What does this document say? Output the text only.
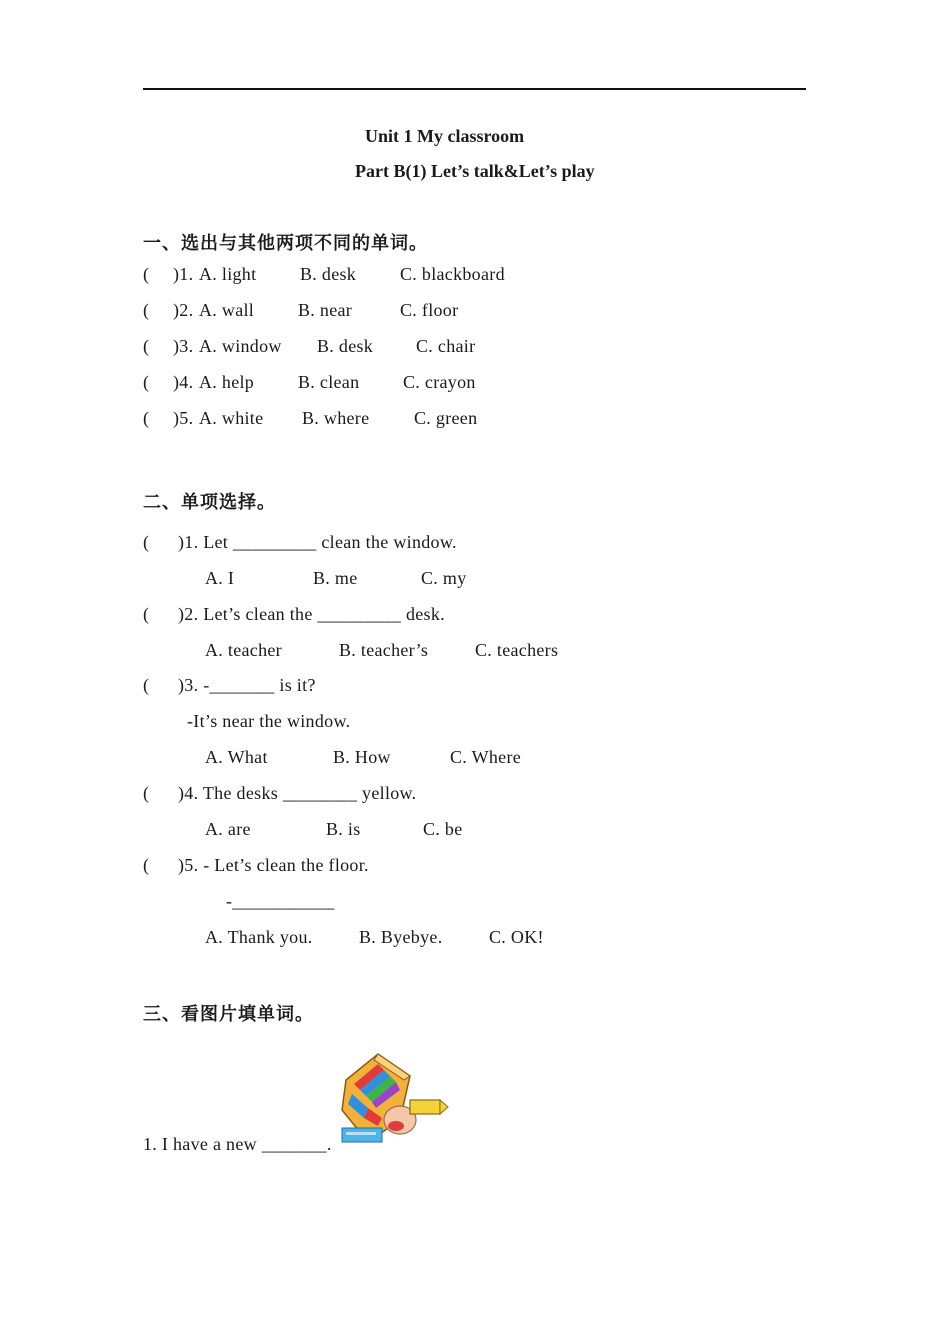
Unit 1 My classroom
Part B(1) Let’s talk&Let’s play
一、选出与其他两项不同的单词。
( )1. A. light B. desk C. blackboard
( )2. A. wall B. near	C. floor
( )3. A. window B. desk C. chair
( )4. A. help B. clean C. crayon
( )5. A. white B. where C. green
二、单项选择。
( )1. Let _________ clean the window.
A. I	B. me	C. my
( )2. Let’s clean the _________ desk.
A. teacher	B. teacher’s	C. teachers
( )3. -_______ is it?
-It’s near the window.
A. What	B. How	C. Where
( )4. The desks ________ yellow.
A. are	B. is	C. be
( )5. - Let’s clean the floor.
-___________
A. Thank you.	B. Byebye.	C. OK!
三、看图片填单词。
1. I have a new _______.
